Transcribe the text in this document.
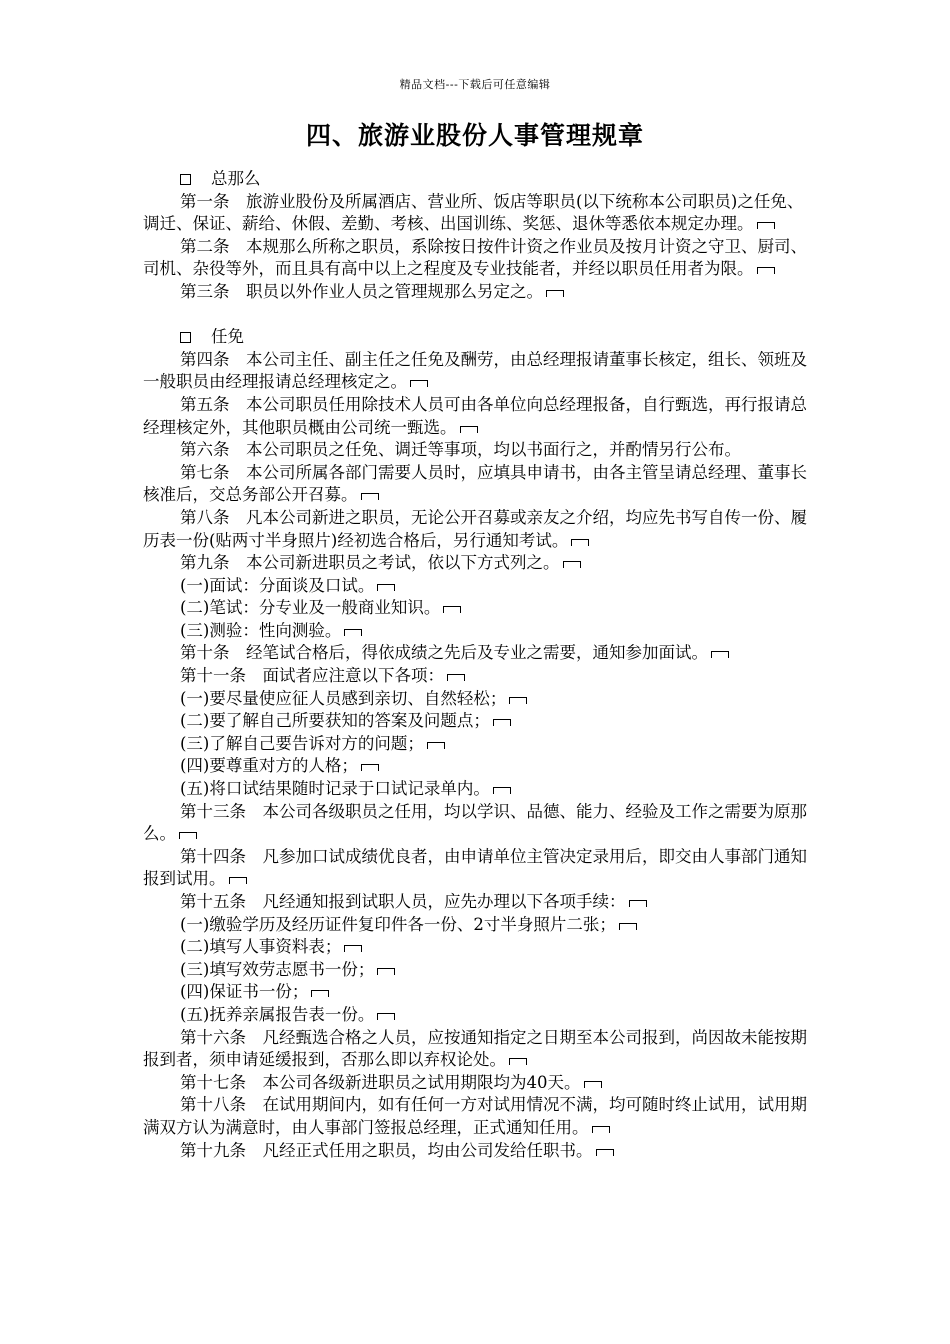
精品文档---下载后可任意编辑
四、旅游业股份人事管理规章

总那么

第一条　旅游业股份及所属酒店、营业所、饭店等职员(以下统称本公司职员)之任免、调迁、保证、薪给、休假、差勤、考核、出国训练、奖惩、退休等悉依本规定办理。

第二条　本规那么所称之职员，系除按日按件计资之作业员及按月计资之守卫、厨司、司机、杂役等外，而且具有高中以上之程度及专业技能者，并经以职员任用者为限。

第三条　职员以外作业人员之管理规那么另定之。

任免

第四条　本公司主任、副主任之任免及酬劳，由总经理报请董事长核定，组长、领班及一般职员由经理报请总经理核定之。

第五条　本公司职员任用除技术人员可由各单位向总经理报备，自行甄选，再行报请总经理核定外，其他职员概由公司统一甄选。

第六条　本公司职员之任免、调迁等事项，均以书面行之，并酌情另行公布。

第七条　本公司所属各部门需要人员时，应填具申请书，由各主管呈请总经理、董事长核准后，交总务部公开召募。

第八条　凡本公司新进之职员，无论公开召募或亲友之介绍，均应先书写自传一份、履历表一份(贴两寸半身照片)经初选合格后，另行通知考试。

第九条　本公司新进职员之考试，依以下方式列之。

(一)面试：分面谈及口试。

(二)笔试：分专业及一般商业知识。

(三)测验：性向测验。

第十条　经笔试合格后，得依成绩之先后及专业之需要，通知参加面试。

第十一条　面试者应注意以下各项：

(一)要尽量使应征人员感到亲切、自然轻松；

(二)要了解自己所要获知的答案及问题点；

(三)了解自己要告诉对方的问题；

(四)要尊重对方的人格；

(五)将口试结果随时记录于口试记录单内。

第十三条　本公司各级职员之任用，均以学识、品德、能力、经验及工作之需要为原那么。

第十四条　凡参加口试成绩优良者，由申请单位主管决定录用后，即交由人事部门通知报到试用。

第十五条　凡经通知报到试职人员，应先办理以下各项手续：

(一)缴验学历及经历证件复印件各一份、2寸半身照片二张；

(二)填写人事资料表；

(三)填写效劳志愿书一份；

(四)保证书一份；

(五)抚养亲属报告表一份。

第十六条　凡经甄选合格之人员，应按通知指定之日期至本公司报到，尚因故未能按期报到者，须申请延缓报到，否那么即以弃权论处。

第十七条　本公司各级新进职员之试用期限均为40天。

第十八条　在试用期间内，如有任何一方对试用情况不满，均可随时终止试用，试用期满双方认为满意时，由人事部门签报总经理，正式通知任用。

第十九条　凡经正式任用之职员，均由公司发给任职书。
